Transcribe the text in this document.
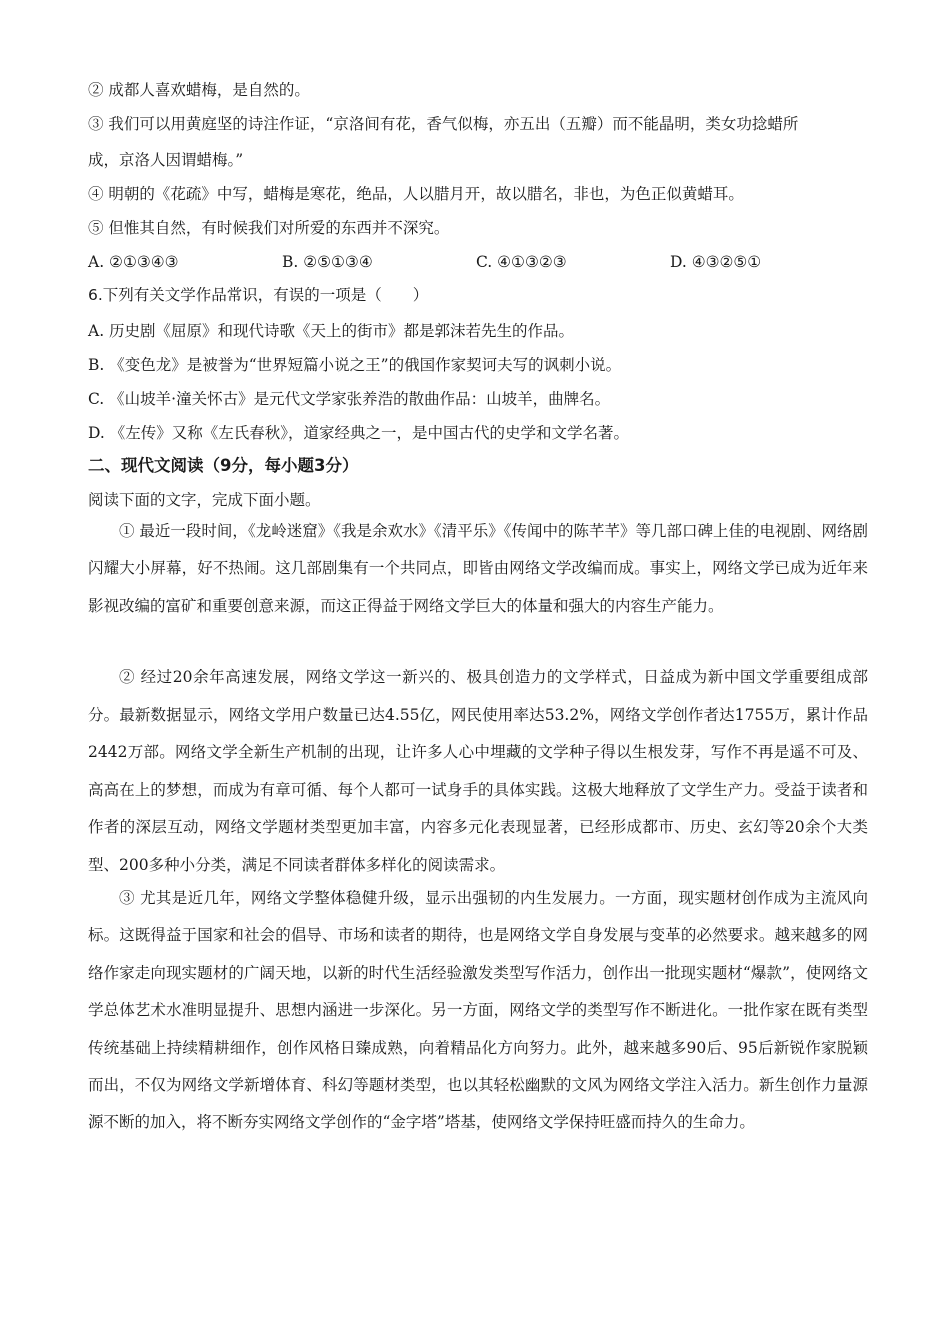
② 成都人喜欢蜡梅，是自然的。
③ 我们可以用黄庭坚的诗注作证，“京洛间有花，香气似梅，亦五出（五瓣）而不能晶明，类女功捻蜡所
成，京洛人因谓蜡梅。”
④ 明朝的《花疏》中写，蜡梅是寒花，绝品，人以腊月开，故以腊名，非也，为色正似黄蜡耳。
⑤ 但惟其自然，有时候我们对所爱的东西并不深究。
A. ②①③④③	B. ②⑤①③④	C. ④①③②③	D. ④③②⑤①
6.下列有关文学作品常识，有误的一项是（　　）
A. 历史剧《屈原》和现代诗歌《天上的街市》都是郭沫若先生的作品。
B. 《变色龙》是被誉为“世界短篇小说之王”的俄国作家契诃夫写的讽刺小说。
C. 《山坡羊·潼关怀古》是元代文学家张养浩的散曲作品：山坡羊，曲牌名。
D. 《左传》又称《左氏春秋》，道家经典之一，是中国古代的史学和文学名著。
二、现代文阅读（9分，每小题3分）
阅读下面的文字，完成下面小题。
① 最近一段时间，《龙岭迷窟》《我是余欢水》《清平乐》《传闻中的陈芊芊》等几部口碑上佳的电视剧、网络剧闪耀大小屏幕，好不热闹。这几部剧集有一个共同点，即皆由网络文学改编而成。事实上，网络文学已成为近年来影视改编的富矿和重要创意来源，而这正得益于网络文学巨大的体量和强大的内容生产能力。
② 经过20余年高速发展，网络文学这一新兴的、极具创造力的文学样式，日益成为新中国文学重要组成部分。最新数据显示，网络文学用户数量已达4.55亿，网民使用率达53.2%，网络文学创作者达1755万，累计作品2442万部。网络文学全新生产机制的出现，让许多人心中埋藏的文学种子得以生根发芽，写作不再是遥不可及、高高在上的梦想，而成为有章可循、每个人都可一试身手的具体实践。这极大地释放了文学生产力。受益于读者和作者的深层互动，网络文学题材类型更加丰富，内容多元化表现显著，已经形成都市、历史、玄幻等20余个大类型、200多种小分类，满足不同读者群体多样化的阅读需求。
③ 尤其是近几年，网络文学整体稳健升级，显示出强韧的内生发展力。一方面，现实题材创作成为主流风向标。这既得益于国家和社会的倡导、市场和读者的期待，也是网络文学自身发展与变革的必然要求。越来越多的网络作家走向现实题材的广阔天地，以新的时代生活经验激发类型写作活力，创作出一批现实题材“爆款”，使网络文学总体艺术水准明显提升、思想内涵进一步深化。另一方面，网络文学的类型写作不断进化。一批作家在既有类型传统基础上持续精耕细作，创作风格日臻成熟，向着精品化方向努力。此外，越来越多90后、95后新锐作家脱颖而出，不仅为网络文学新增体育、科幻等题材类型，也以其轻松幽默的文风为网络文学注入活力。新生创作力量源源不断的加入，将不断夯实网络文学创作的“金字塔”塔基，使网络文学保持旺盛而持久的生命力。
